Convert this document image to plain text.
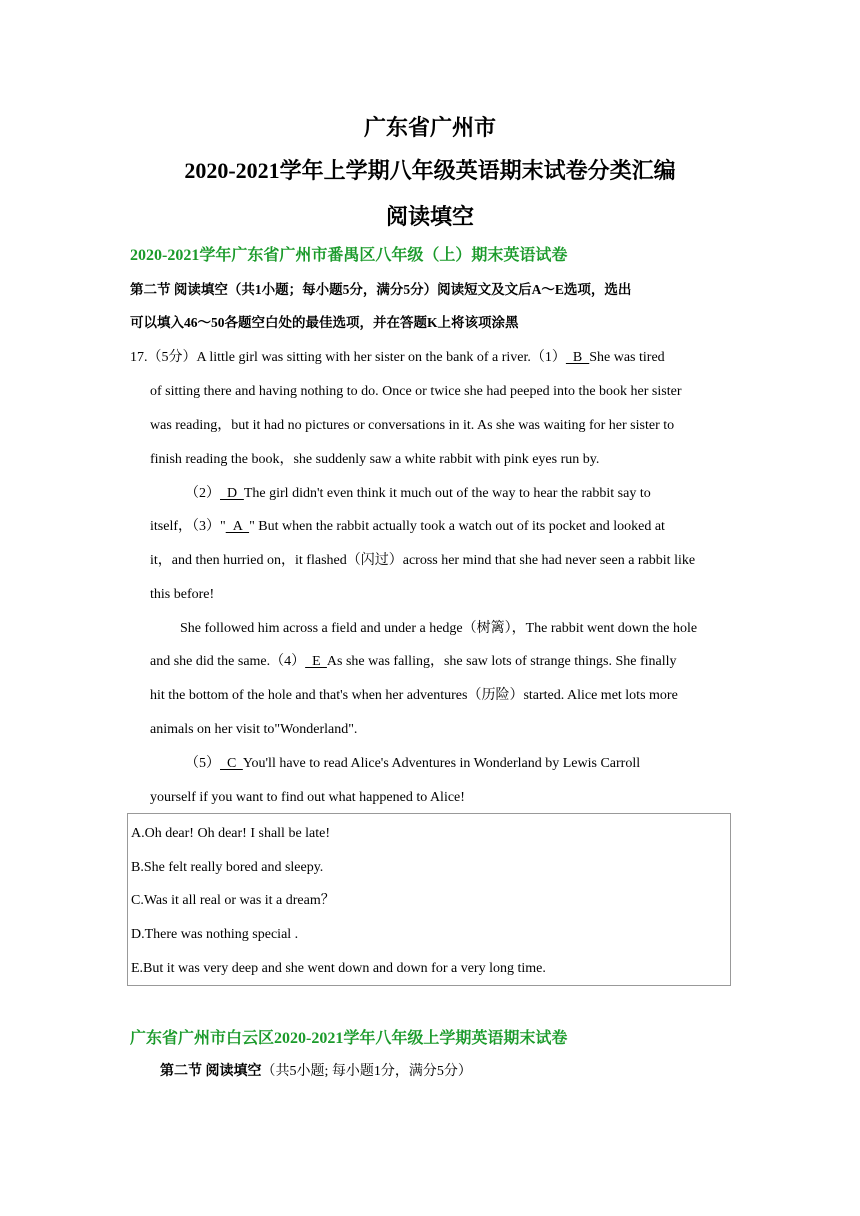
广东省广州市
2020-2021学年上学期八年级英语期末试卷分类汇编
阅读填空
2020-2021学年广东省广州市番禺区八年级（上）期末英语试卷
第二节 阅读填空（共1小题；每小题5分，满分5分）阅读短文及文后A～E选项，选出
可以填入46～50各题空白处的最佳选项，并在答题K上将该项涂黑
17.（5分）A little girl was sitting with her sister on the bank of a river.（1）  B  She was tired
of sitting there and having nothing to do. Once or twice she had peeped into the book her sister
was reading，but it had no pictures or conversations in it. As she was waiting for her sister to
finish reading the book，she suddenly saw a white rabbit with pink eyes run by.
（2）  D  The girl didn't even think it much out of the way to hear the rabbit say to
itself，（3）"  A  " But when the rabbit actually took a watch out of its pocket and looked at
it，and then hurried on，it flashed（闪过）across her mind that she had never seen a rabbit like
this before!
She followed him across a field and under a hedge（树篱），The rabbit went down the hole
and she did the same.（4）  E  As she was falling，she saw lots of strange things. She finally
hit the bottom of the hole and that's when her adventures（历险）started. Alice met lots more
animals on her visit to"Wonderland".
（5）  C  You'll have to read Alice's Adventures in Wonderland by Lewis Carroll
yourself if you want to find out what happened to Alice!
A.Oh dear! Oh dear! I shall be late!
B.She felt really bored and sleepy.
C.Was it all real or was it a dream？
D.There was nothing special .
E.But it was very deep and she went down and down for a very long time.
广东省广州市白云区2020-2021学年八年级上学期英语期末试卷
第二节 阅读填空（共5小题; 每小题1分，满分5分）
